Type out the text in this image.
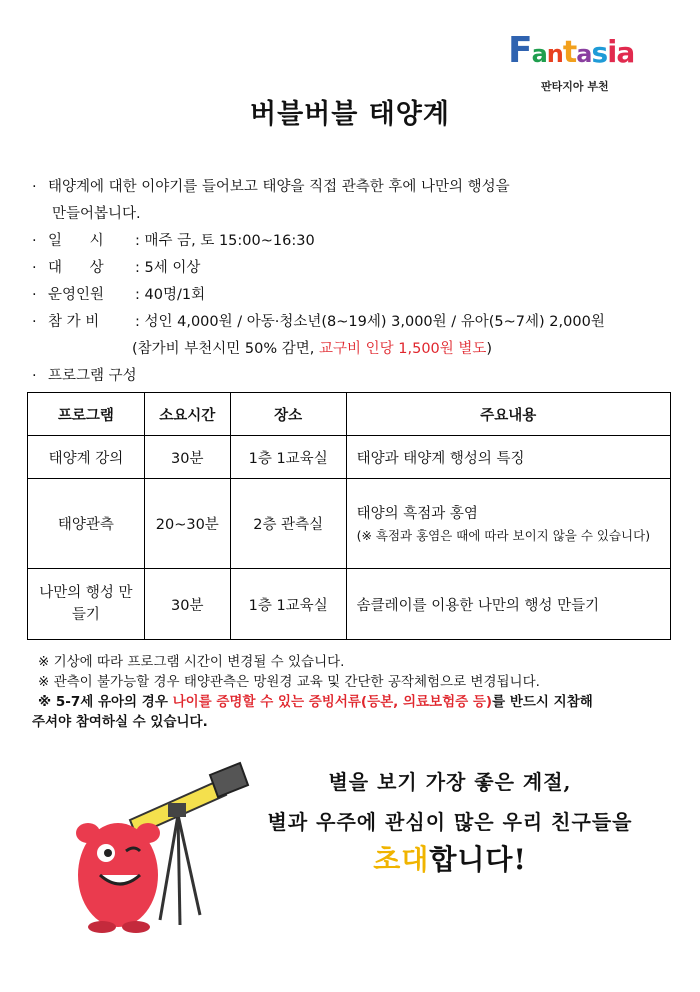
Fantasia
판타지아 부천
버블버블 태양계
· 태양계에 대한 이야기를 들어보고 태양을 직접 관측한 후에 나만의 행성을
만들어봅니다.
· 일      시 : 매주 금, 토 15:00~16:30
· 대      상 : 5세 이상
· 운영인원 : 40명/1회
· 참 가 비 : 성인 4,000원 / 아동·청소년(8~19세) 3,000원 / 유아(5~7세) 2,000원
(참가비 부천시민 50% 감면, 교구비 인당 1,500원 별도)
· 프로그램 구성
프로그램	소요시간	장소	주요내용
태양계 강의	30분	1층 1교육실	태양과 태양계 행성의 특징
태양관측	20~30분	2층 관측실	태양의 흑점과 홍염
(※ 흑점과 홍염은 때에 따라 보이지 않을 수 있습니다)

나만의 행성 만들기	30분	1층 1교육실	솜클레이를 이용한 나만의 행성 만들기
※ 기상에 따라 프로그램 시간이 변경될 수 있습니다.
※ 관측이 불가능할 경우 태양관측은 망원경 교육 및 간단한 공작체험으로 변경됩니다.
※ 5-7세 유아의 경우 나이를 증명할 수 있는 증빙서류(등본, 의료보험증 등)를 반드시 지참해
주셔야 참여하실 수 있습니다.
별을 보기 가장 좋은 계절,
별과 우주에 관심이 많은 우리 친구들을
초대합니다!
